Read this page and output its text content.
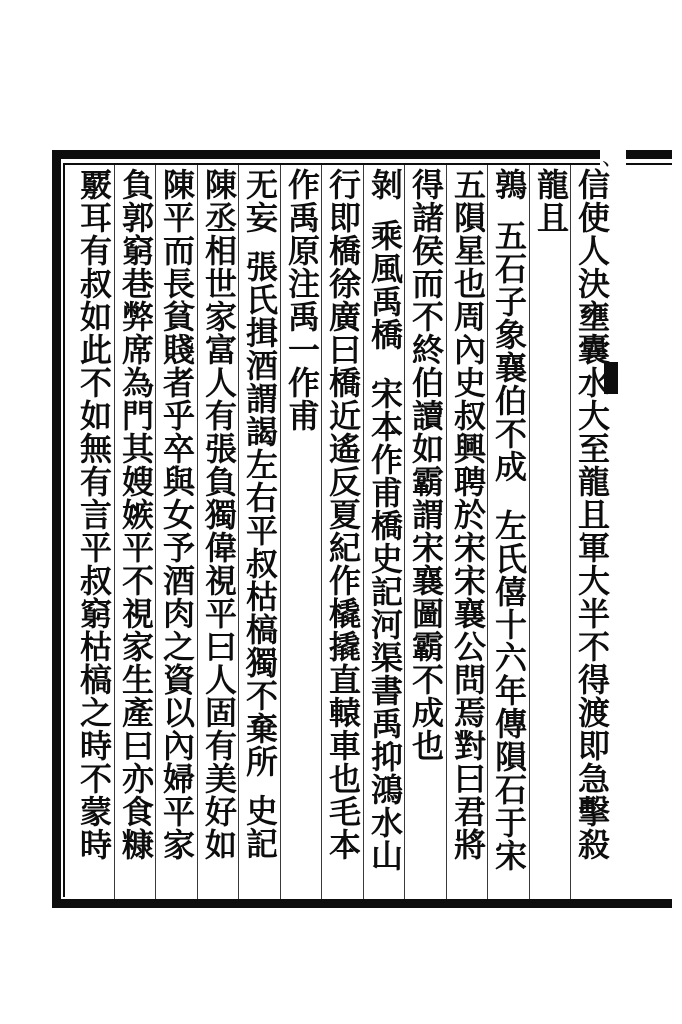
、
信使人決壅囊水大至龍且軍大半不得渡即急擊殺
龍且
鶉五石子象襄伯不成左氏僖十六年傳隕石于宋
五隕星也周內史叔興聘於宋宋襄公問焉對曰君將
得諸侯而不終伯讀如霸謂宋襄圖霸不成也
剝乘風禹橋宋本作甫橋史記河渠書禹抑鴻水山
行即橋徐廣曰橋近遙反夏紀作橇撬直轅車也毛本
作禹原注禹一作甫
无妄張氏揖酒謂謁左右平叔枯槁獨不棄所史記
陳丞相世家富人有張負獨偉視平曰人固有美好如
陳平而長貧賤者乎卒與女予酒肉之資以內婦平家
負郭窮巷弊席為門其嫂嫉平不視家生產曰亦食糠
覈耳有叔如此不如無有言平叔窮枯槁之時不蒙時
